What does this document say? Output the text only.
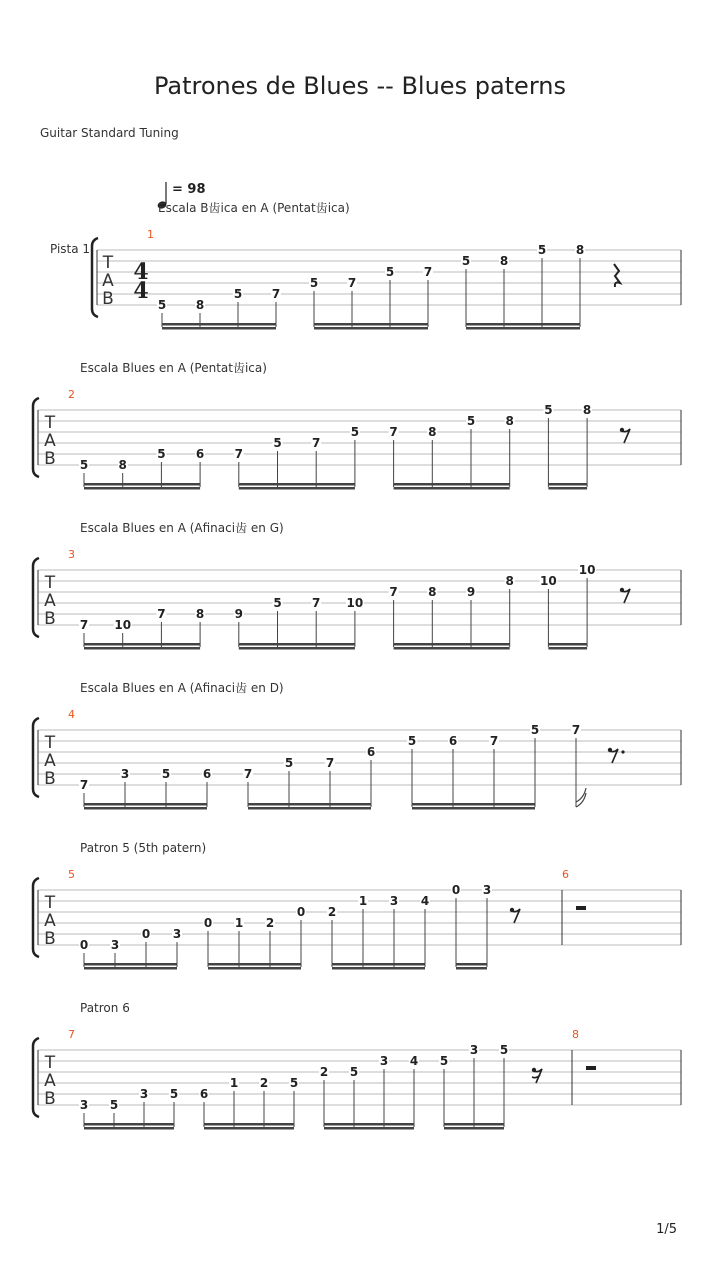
Patrones de Blues -- Blues paterns
Guitar Standard Tuning
= 98
Pista 1
Escala B齿ica en A (Pentat齿ica)
T
A
B
4
4
1
5 8
5 7
5 7
5 7
5 8
5 8
Escala Blues en A (Pentat齿ica)
T
A
B
2
5	8
5	6	7
5	7
5	7	8
5	8
5	8
Escala Blues en A (Afinaci齿 en G)
T
A
B
3
7 10
7	8	9
5	7 10
7	8	9
8 10
10
Escala Blues en A (Afinaci齿 en D)
T
A
B
4
7
3	5	6	7
5	7
6
5	6	7
5	7
Patron 5 (5th patern)
T
A
B
5
0 3
0 3
0 1 2
0 2
1 3 4
0 3
6
Patron 6
T
A
B
7
3 5
3 5 6
1 2 5
2 5
3 4 5
3 5
8
1/5
